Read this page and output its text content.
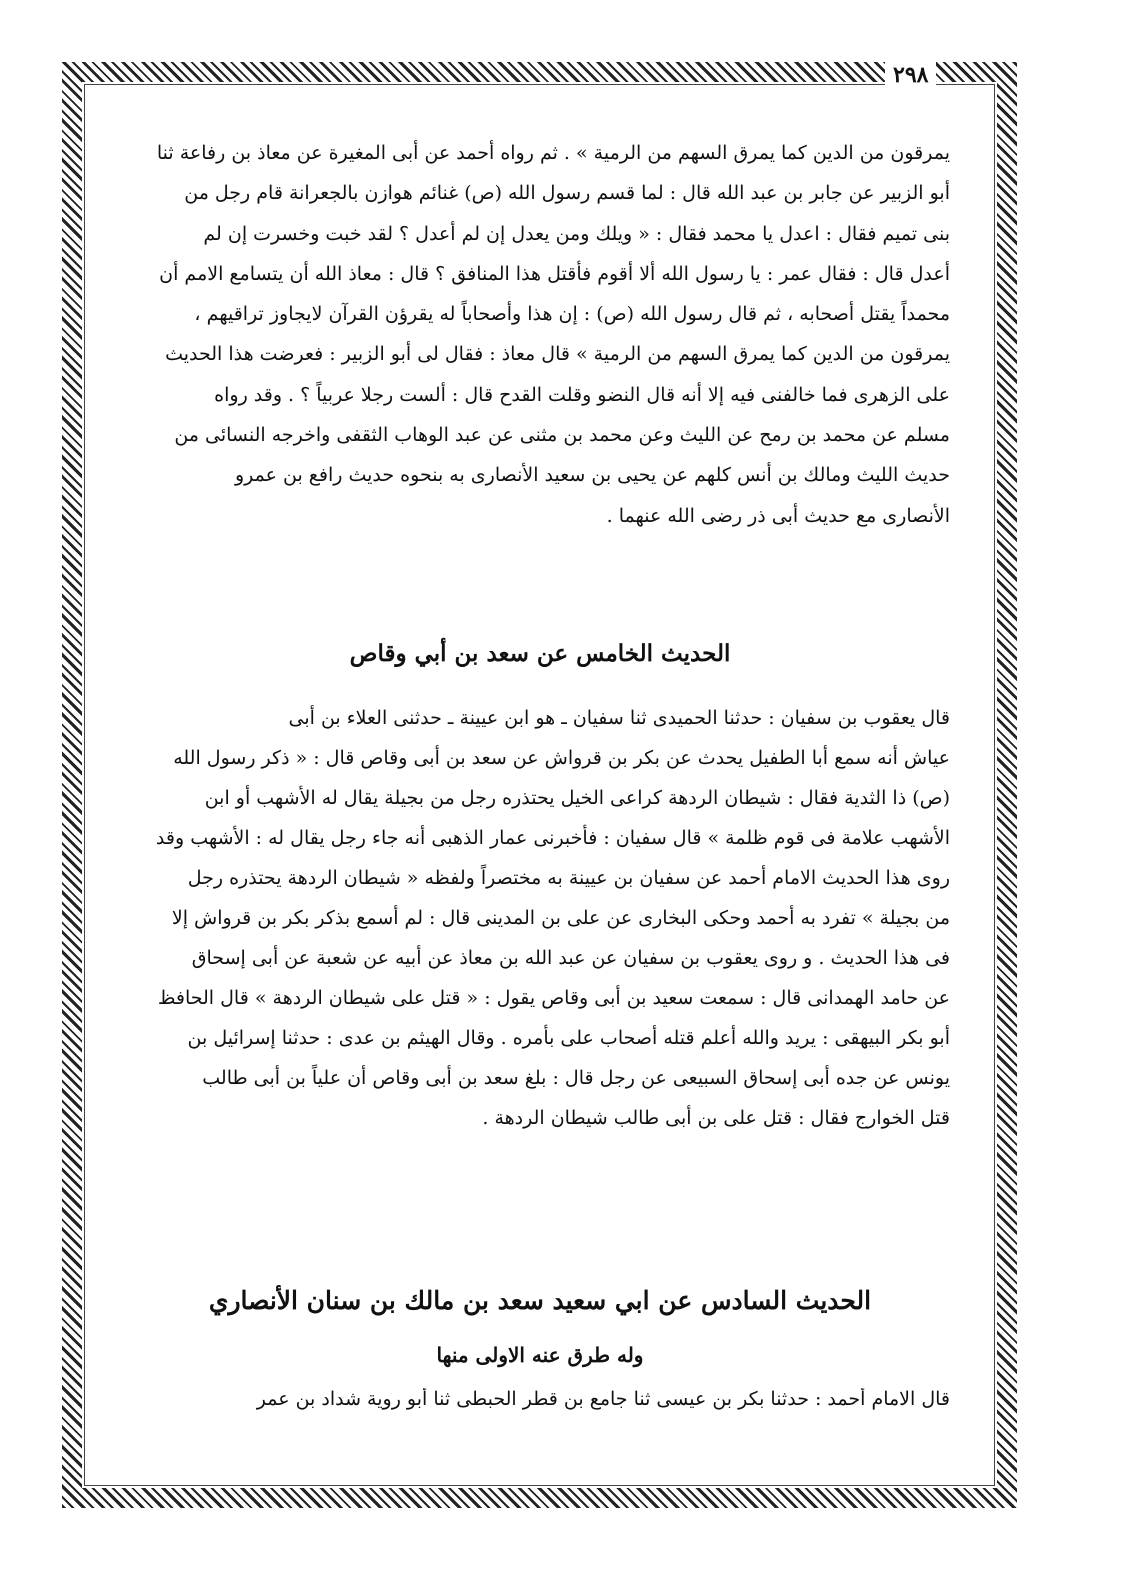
٢٩٨
يمرقون من الدين كما يمرق السهم من الرمية » . ثم رواه أحمد عن أبى المغيرة عن معاذ بن رفاعة ثنا
أبو الزبير عن جابر بن عبد الله قال : لما قسم رسول الله (ص) غنائم هوازن بالجعرانة قام رجل من
بنى تميم فقال : اعدل يا محمد فقال : « ويلك ومن يعدل إن لم أعدل ؟ لقد خبت وخسرت إن لم
أعدل قال : فقال عمر : يا رسول الله ألا أقوم فأقتل هذا المنافق ؟ قال : معاذ الله أن يتسامع الامم أن
محمداً يقتل أصحابه ، ثم قال رسول الله (ص) : إن هذا وأصحاباً له يقرؤن القرآن لايجاوز تراقيهم ،
يمرقون من الدين كما يمرق السهم من الرمية » قال معاذ : فقال لى أبو الزبير : فعرضت هذا الحديث
على الزهرى فما خالفنى فيه إلا أنه قال النضو وقلت القدح قال : ألست رجلا عربياً ؟ . وقد رواه
مسلم عن محمد بن رمح عن الليث وعن محمد بن مثنى عن عبد الوهاب الثقفى واخرجه النسائى من
حديث الليث ومالك بن أنس كلهم عن يحيى بن سعيد الأنصارى به بنحوه حديث رافع بن عمرو
الأنصارى مع حديث أبى ذر رضى الله عنهما .
الحديث الخامس عن سعد بن أبي وقاص
قال يعقوب بن سفيان : حدثنا الحميدى ثنا سفيان ـ هو ابن عيينة ـ حدثنى العلاء بن أبى
عياش أنه سمع أبا الطفيل يحدث عن بكر بن قرواش عن سعد بن أبى وقاص قال : « ذكر رسول الله
(ص) ذا الثدية فقال : شيطان الردهة كراعى الخيل يحتذره رجل من بجيلة يقال له الأشهب أو ابن
الأشهب علامة فى قوم ظلمة » قال سفيان : فأخبرنى عمار الذهبى أنه جاء رجل يقال له : الأشهب وقد
روى هذا الحديث الامام أحمد عن سفيان بن عيينة به مختصراً ولفظه « شيطان الردهة يحتذره رجل
من بجيلة » تفرد به أحمد وحكى البخارى عن على بن المدينى قال : لم أسمع بذكر بكر بن قرواش إلا
فى هذا الحديث . و روى يعقوب بن سفيان عن عبد الله بن معاذ عن أبيه عن شعبة عن أبى إسحاق
عن حامد الهمدانى قال : سمعت سعيد بن أبى وقاص يقول : « قتل على شيطان الردهة » قال الحافظ
أبو بكر البيهقى : يريد والله أعلم قتله أصحاب على بأمره . وقال الهيثم بن عدى : حدثنا إسرائيل بن
يونس عن جده أبى إسحاق السبيعى عن رجل قال : بلغ سعد بن أبى وقاص أن علياً بن أبى طالب
قتل الخوارج فقال : قتل على بن أبى طالب شيطان الردهة .
الحديث السادس عن ابي سعيد سعد بن مالك بن سنان الأنصاري
وله طرق عنه الاولى منها
قال الامام أحمد : حدثنا بكر بن عيسى ثنا جامع بن قطر الحبطى ثنا أبو روية شداد بن عمر
